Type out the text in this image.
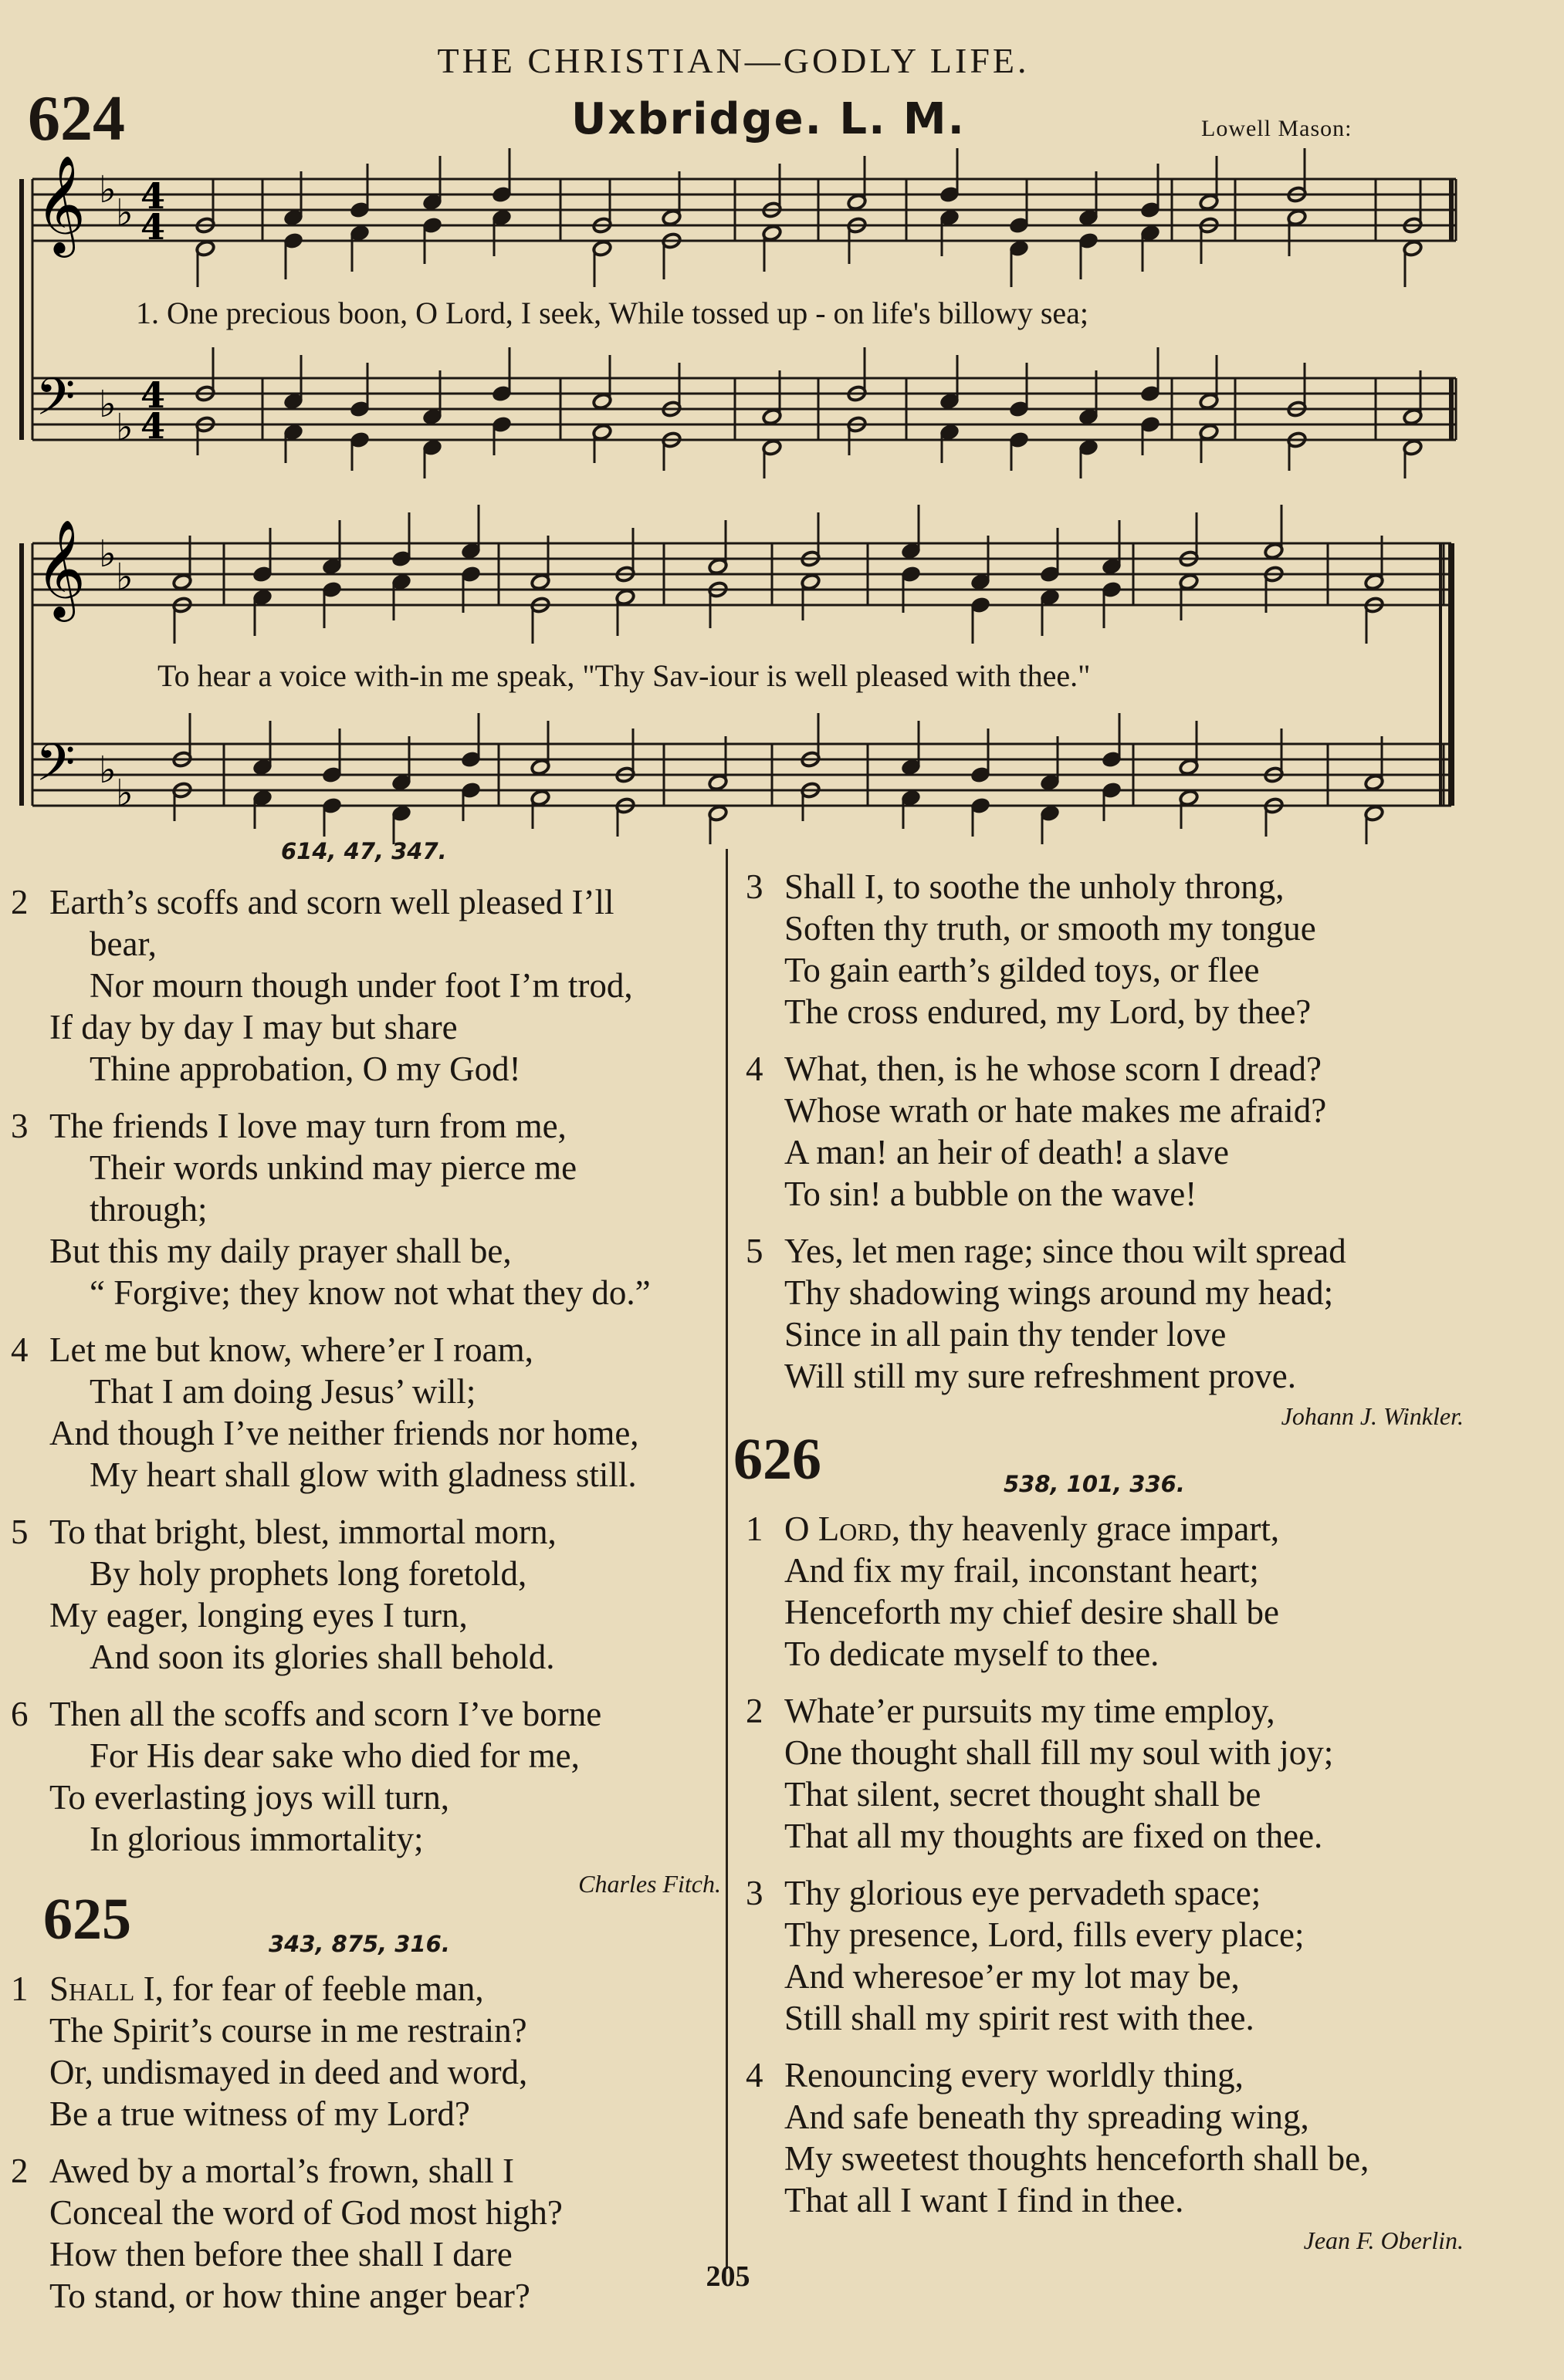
THE CHRISTIAN—GODLY LIFE.
624	Uxbridge. L. M.	Lowell Mason:
𝄞
𝄢
♭
♭
♭
♭
4
4
4
4
𝄞
𝄢
♭
♭
♭
♭
1. One precious boon, O Lord, I seek, While tossed up - on life's billowy sea;
To hear a voice with-in me speak, "Thy Sav-iour is well pleased with thee."
614, 47, 347.
2 Earth’s scoffs and scorn well pleased I’ll
bear,
Nor mourn though under foot I’m trod,
If day by day I may but share
Thine approbation, O my God!
3 The friends I love may turn from me,
Their words unkind may pierce me
through;
But this my daily prayer shall be,
“ Forgive; they know not what they do.”
4 Let me but know, where’er I roam,
That I am doing Jesus’ will;
And though I’ve neither friends nor home,
My heart shall glow with gladness still.
5 To that bright, blest, immortal morn,
By holy prophets long foretold,
My eager, longing eyes I turn,
And soon its glories shall behold.
6 Then all the scoffs and scorn I’ve borne
For His dear sake who died for me,
To everlasting joys will turn,
In glorious immortality;
Charles Fitch.
625	343, 875, 316.
1 Shall I, for fear of feeble man,
The Spirit’s course in me restrain?
Or, undismayed in deed and word,
Be a true witness of my Lord?
2 Awed by a mortal’s frown, shall I
Conceal the word of God most high?
How then before thee shall I dare
To stand, or how thine anger bear?
3 Shall I, to soothe the unholy throng,
Soften thy truth, or smooth my tongue
To gain earth’s gilded toys, or flee
The cross endured, my Lord, by thee?
4 What, then, is he whose scorn I dread?
Whose wrath or hate makes me afraid?
A man! an heir of death! a slave
To sin! a bubble on the wave!
5 Yes, let men rage; since thou wilt spread
Thy shadowing wings around my head;
Since in all pain thy tender love
Will still my sure refreshment prove.
Johann J. Winkler.
626	538, 101, 336.
1 O Lord, thy heavenly grace impart,
And fix my frail, inconstant heart;
Henceforth my chief desire shall be
To dedicate myself to thee.
2 Whate’er pursuits my time employ,
One thought shall fill my soul with joy;
That silent, secret thought shall be
That all my thoughts are fixed on thee.
3 Thy glorious eye pervadeth space;
Thy presence, Lord, fills every place;
And wheresoe’er my lot may be,
Still shall my spirit rest with thee.
4 Renouncing every worldly thing,
And safe beneath thy spreading wing,
My sweetest thoughts henceforth shall be,
That all I want I find in thee.
Jean F. Oberlin.
205
